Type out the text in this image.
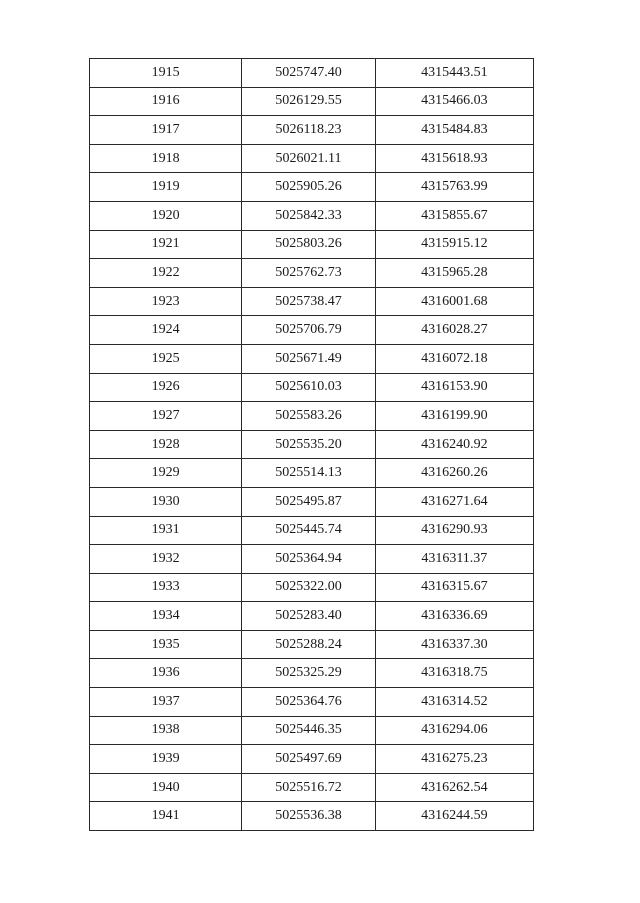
1915	5025747.40	4315443.51
1916	5026129.55	4315466.03
1917	5026118.23	4315484.83
1918	5026021.11	4315618.93
1919	5025905.26	4315763.99
1920	5025842.33	4315855.67
1921	5025803.26	4315915.12
1922	5025762.73	4315965.28
1923	5025738.47	4316001.68
1924	5025706.79	4316028.27
1925	5025671.49	4316072.18
1926	5025610.03	4316153.90
1927	5025583.26	4316199.90
1928	5025535.20	4316240.92
1929	5025514.13	4316260.26
1930	5025495.87	4316271.64
1931	5025445.74	4316290.93
1932	5025364.94	4316311.37
1933	5025322.00	4316315.67
1934	5025283.40	4316336.69
1935	5025288.24	4316337.30
1936	5025325.29	4316318.75
1937	5025364.76	4316314.52
1938	5025446.35	4316294.06
1939	5025497.69	4316275.23
1940	5025516.72	4316262.54
1941	5025536.38	4316244.59
